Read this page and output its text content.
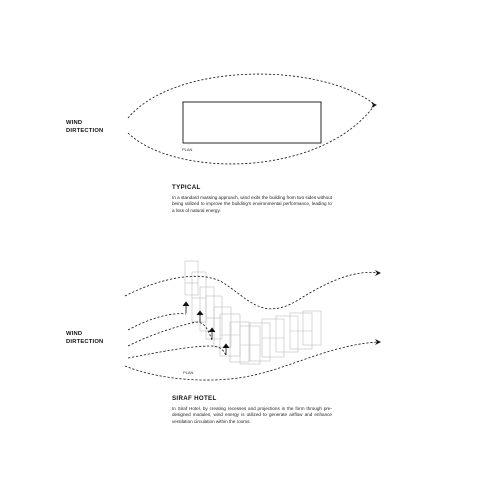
WIND
DIRTECTION
PLAN
TYPICAL
In a standard massing approach, wind exits the building from two sides without being utilized to improve the building's environmental performance, leading to a loss of natural energy.
WIND
DIRTECTION
PLAN
SIRAF HOTEL
In Siraf Hotel, by creating recesses and projections in the form through pre-designed modules, wind energy is utilized to generate airflow and enhance ventilation circulation within the rooms.
